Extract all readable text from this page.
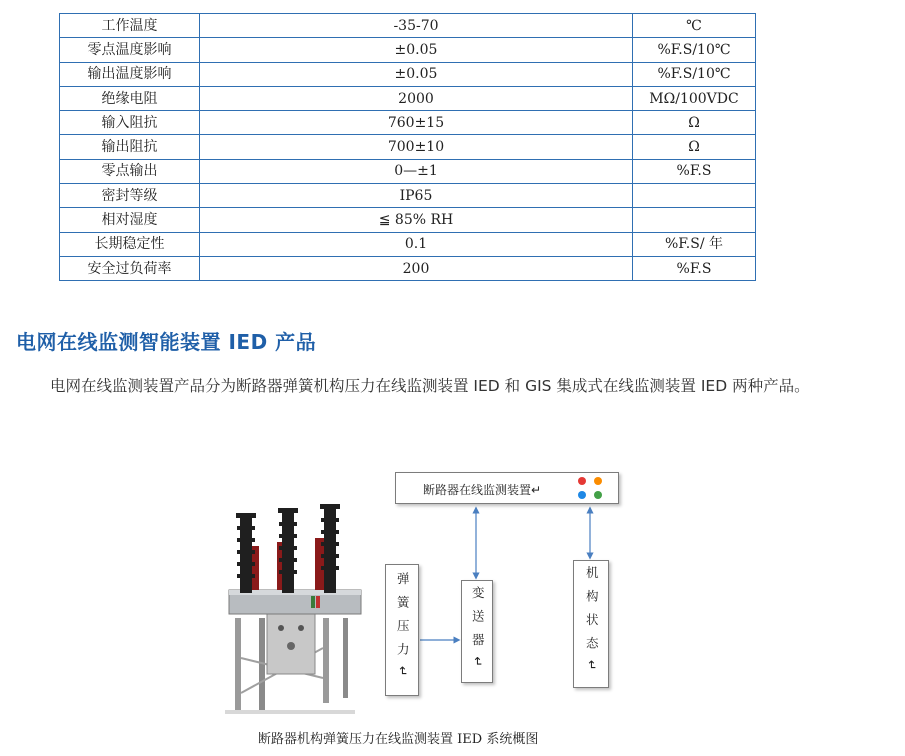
工作温度	-35-70	℃
零点温度影响	±0.05	%F.S/10℃
输出温度影响	±0.05	%F.S/10℃
绝缘电阻	2000	MΩ/100VDC
输入阻抗	760±15	Ω
输出阻抗	700±10	Ω
零点输出	0—±1	%F.S
密封等级	IP65	
相对湿度	≦ 85% RH	
长期稳定性	0.1	%F.S/ 年
安全过负荷率	200	%F.S
电网在线监测智能装置 IED 产品

电网在线监测装置产品分为断路器弹簧机构压力在线监测装置 IED 和 GIS 集成式在线监测装置 IED 两种产品。

断路器在线监测装置↵
弹簧压力↵	变送器↵	机构状态↵

断路器机构弹簧压力在线监测装置 IED 系统概图
